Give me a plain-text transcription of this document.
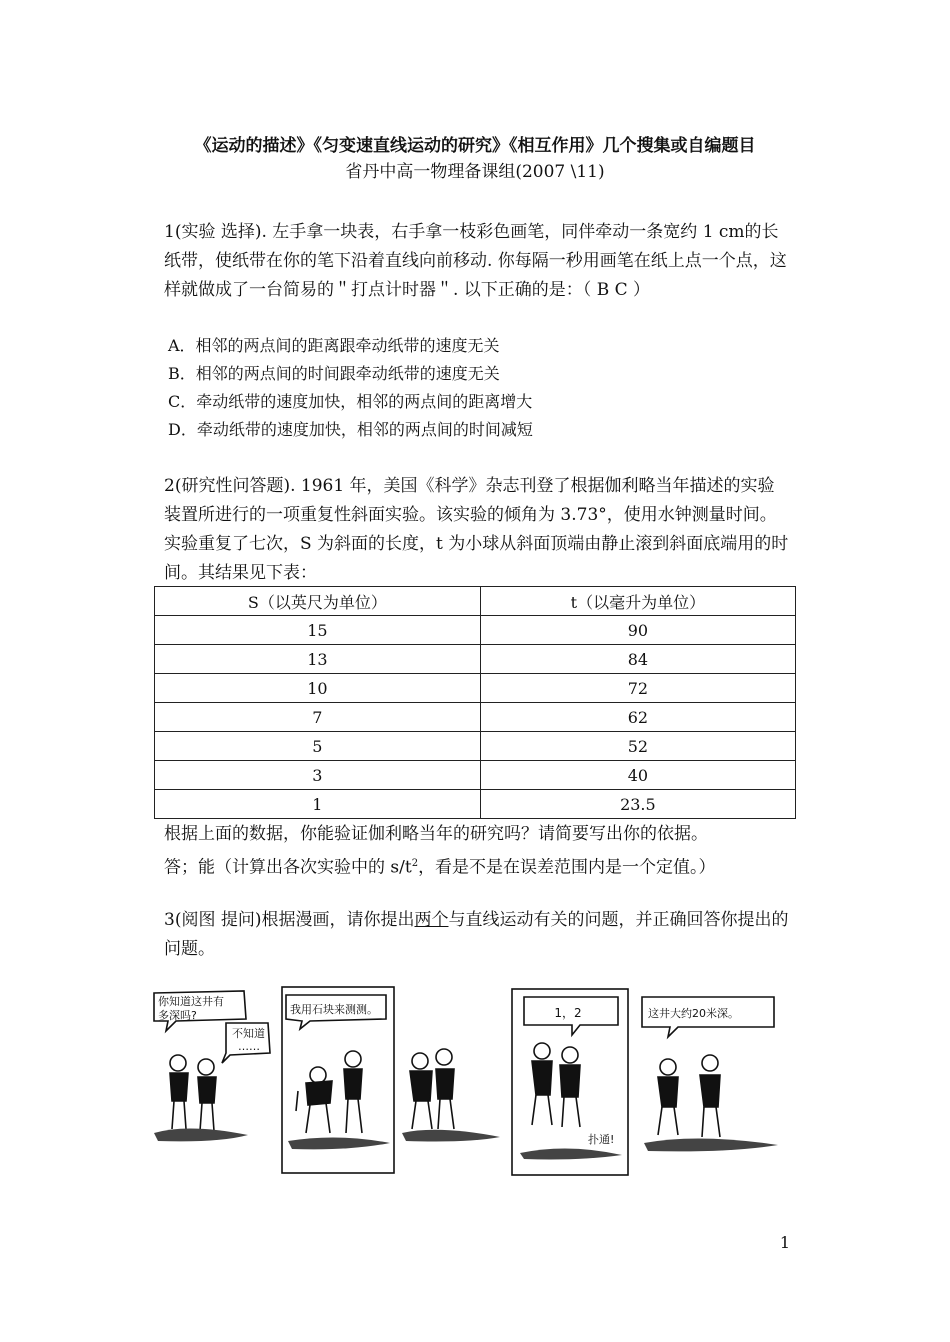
《运动的描述》《匀变速直线运动的研究》《相互作用》几个搜集或自编题目
省丹中高一物理备课组(2007 \11)
1(实验 选择). 左手拿一块表，右手拿一枝彩色画笔，同伴牵动一条宽约 1 cm的长纸带，使纸带在你的笔下沿着直线向前移动. 你每隔一秒用画笔在纸上点一个点，这样就做成了一台简易的＂打点计时器＂. 以下正确的是：（ B C ）
A．相邻的两点间的距离跟牵动纸带的速度无关
B．相邻的两点间的时间跟牵动纸带的速度无关
C．牵动纸带的速度加快，相邻的两点间的距离增大
D．牵动纸带的速度加快，相邻的两点间的时间减短
2(研究性问答题). 1961 年，美国《科学》杂志刊登了根据伽利略当年描述的实验装置所进行的一项重复性斜面实验。该实验的倾角为 3.73°，使用水钟测量时间。实验重复了七次，S 为斜面的长度，t 为小球从斜面顶端由静止滚到斜面底端用的时间。其结果见下表：
S（以英尺为单位）	t（以毫升为单位）
15	90
13	84
10	72
7	62
5	52
3	40
1	23.5
根据上面的数据，你能验证伽利略当年的研究吗？请简要写出你的依据。
答；能（计算出各次实验中的 $s/t^2$，看是不是在误差范围内是一个定值。）
3(阅图 提问)根据漫画，请你提出两个与直线运动有关的问题，并正确回答你提出的问题。
你知道这井有 多深吗?
不知道 ……
我用石块来测测。	1，2
扑通!
这井大约20米深。
1
